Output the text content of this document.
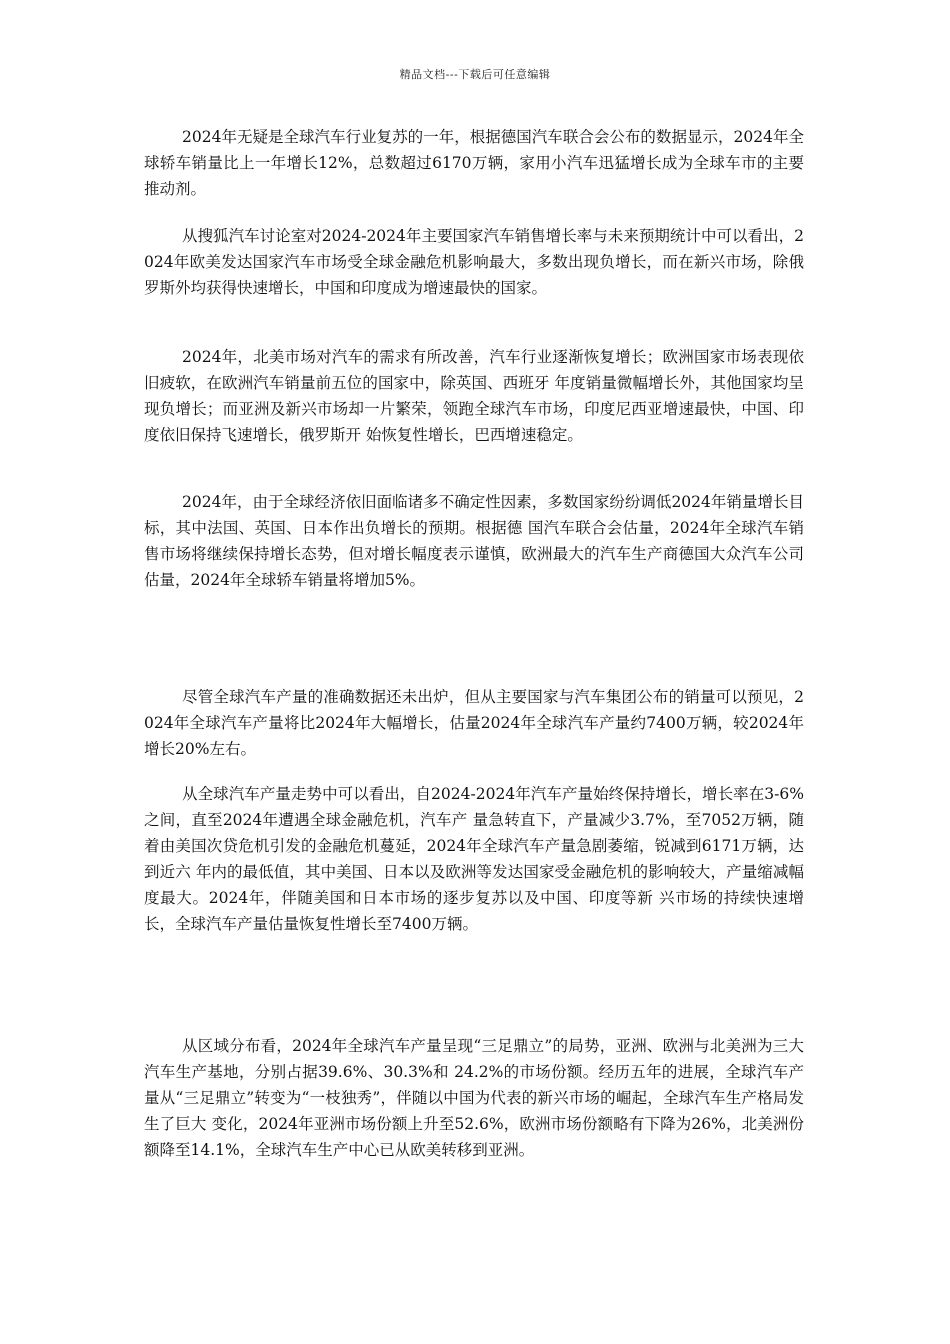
精品文档---下载后可任意编辑

2024年无疑是全球汽车行业复苏的一年，根据德国汽车联合会公布的数据显示，2024年全球轿车销量比上一年增长12%，总数超过6170万辆，家用小汽车迅猛增长成为全球车市的主要推动剂。

从搜狐汽车讨论室对2024-2024年主要国家汽车销售增长率与未来预期统计中可以看出，2024年欧美发达国家汽车市场受全球金融危机影响最大，多数出现负增长，而在新兴市场，除俄罗斯外均获得快速增长，中国和印度成为增速最快的国家。

2024年，北美市场对汽车的需求有所改善，汽车行业逐渐恢复增长；欧洲国家市场表现依旧疲软，在欧洲汽车销量前五位的国家中，除英国、西班牙 年度销量微幅增长外，其他国家均呈现负增长；而亚洲及新兴市场却一片繁荣，领跑全球汽车市场，印度尼西亚增速最快，中国、印度依旧保持飞速增长，俄罗斯开 始恢复性增长，巴西增速稳定。

2024年，由于全球经济依旧面临诸多不确定性因素，多数国家纷纷调低2024年销量增长目标，其中法国、英国、日本作出负增长的预期。根据德 国汽车联合会估量，2024年全球汽车销售市场将继续保持增长态势，但对增长幅度表示谨慎，欧洲最大的汽车生产商德国大众汽车公司估量，2024年全球轿车销量将增加5%。

尽管全球汽车产量的准确数据还未出炉，但从主要国家与汽车集团公布的销量可以预见，2024年全球汽车产量将比2024年大幅增长，估量2024年全球汽车产量约7400万辆，较2024年增长20%左右。

从全球汽车产量走势中可以看出，自2024-2024年汽车产量始终保持增长，增长率在3-6%之间，直至2024年遭遇全球金融危机，汽车产 量急转直下，产量减少3.7%，至7052万辆，随着由美国次贷危机引发的金融危机蔓延，2024年全球汽车产量急剧萎缩，锐减到6171万辆，达到近六 年内的最低值，其中美国、日本以及欧洲等发达国家受金融危机的影响较大，产量缩减幅度最大。2024年，伴随美国和日本市场的逐步复苏以及中国、印度等新 兴市场的持续快速增长，全球汽车产量估量恢复性增长至7400万辆。

从区域分布看，2024年全球汽车产量呈现“三足鼎立”的局势，亚洲、欧洲与北美洲为三大汽车生产基地，分别占据39.6%、30.3%和 24.2%的市场份额。经历五年的进展，全球汽车产量从“三足鼎立”转变为“一枝独秀”，伴随以中国为代表的新兴市场的崛起，全球汽车生产格局发生了巨大 变化，2024年亚洲市场份额上升至52.6%，欧洲市场份额略有下降为26%，北美洲份额降至14.1%，全球汽车生产中心已从欧美转移到亚洲。
